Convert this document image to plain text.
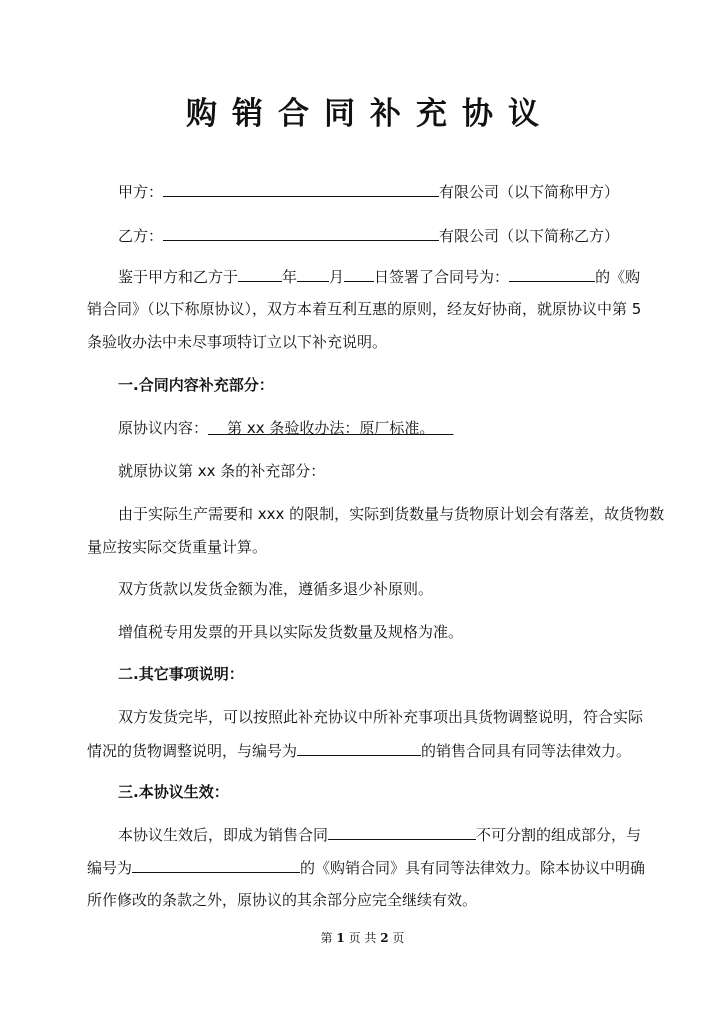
购销合同补充协议
甲方：	有限公司（以下简称甲方）
乙方：	有限公司（以下简称乙方）
鉴于甲方和乙方于	年 月 日签署了合同号为：	的《购
销合同》（以下称原协议），双方本着互利互惠的原则，经友好协商，就原协议中第 5
条验收办法中未尽事项特订立以下补充说明。
一.合同内容补充部分：
原协议内容：    第 xx 条验收办法：原厂标准。
就原协议第 xx 条的补充部分：
由于实际生产需要和 xxx 的限制，实际到货数量与货物原计划会有落差，故货物数
量应按实际交货重量计算。
双方货款以发货金额为准，遵循多退少补原则。
增值税专用发票的开具以实际发货数量及规格为准。
二.其它事项说明：
双方发货完毕，可以按照此补充协议中所补充事项出具货物调整说明，符合实际
情况的货物调整说明，与编号为	的销售合同具有同等法律效力。
三.本协议生效：
本协议生效后，即成为销售合同	不可分割的组成部分，与
编号为	的《购销合同》具有同等法律效力。除本协议中明确
所作修改的条款之外，原协议的其余部分应完全继续有效。
第 1 页 共 2 页
